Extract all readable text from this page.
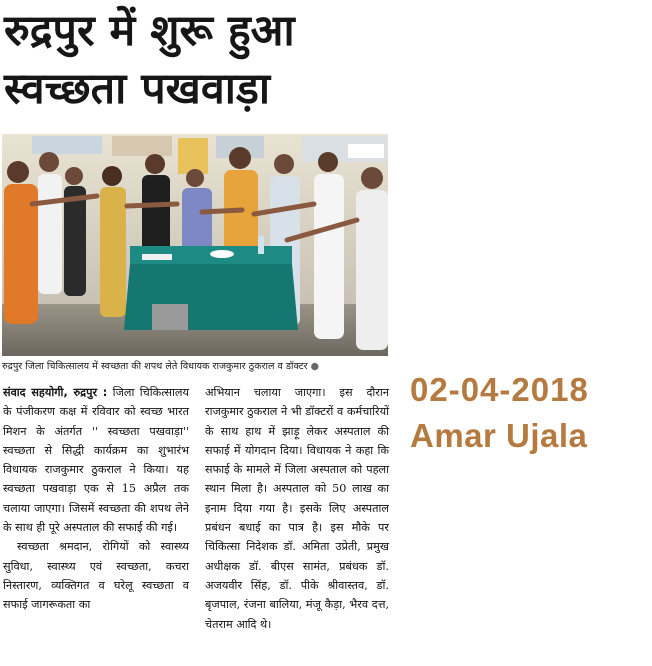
रुद्रपुर में शुरू हुआ
स्वच्छता पखवाड़ा
रुद्रपुर जिला चिकित्सालय में स्वच्छता की शपथ लेते विधायक राजकुमार ठुकराल व डॉक्टर ●
02-04-2018
Amar Ujala

संवाद सहयोगी, रुद्रपुर : जिला चिकित्सालय के पंजीकरण कक्ष में रविवार को स्वच्छ भारत मिशन के अंतर्गत '' स्वच्छता पखवाड़ा'' स्वच्छता से सिद्धी कार्यक्रम का शुभारंभ विधायक राजकुमार ठुकराल ने किया। यह स्वच्छता पखवाड़ा एक से 15 अप्रैल तक चलाया जाएगा। जिसमें स्वच्छता की शपथ लेने के साथ ही पूरे अस्पताल की सफाई की गई।

स्वच्छता श्रमदान, रोगियों को स्वास्थ्य सुविधा, स्वास्थ्य एवं स्वच्छता, कचरा निस्तारण, व्यक्तिगत व घरेलू स्वच्छता व सफाई जागरूकता का

अभियान चलाया जाएगा। इस दौरान राजकुमार ठुकराल ने भी डॉक्टरों व कर्मचारियों के साथ हाथ में झाड़ू लेकर अस्पताल की सफाई में योगदान दिया। विधायक ने कहा कि सफाई के मामले में जिला अस्पताल को पहला स्थान मिला है। अस्पताल को 50 लाख का इनाम दिया गया है। इसके लिए अस्पताल प्रबंधन बधाई का पात्र है। इस मौके पर चिकित्सा निदेशक डॉ. अमिता उप्रेती, प्रमुख अधीक्षक डॉ. बीएस सामंत, प्रबंधक डॉ. अजयवीर सिंह, डॉ. पीके श्रीवास्तव, डॉ. बृजपाल, रंजना बालिया, मंजू कैड़ा, भैरव दत्त, चेतराम आदि थे।
